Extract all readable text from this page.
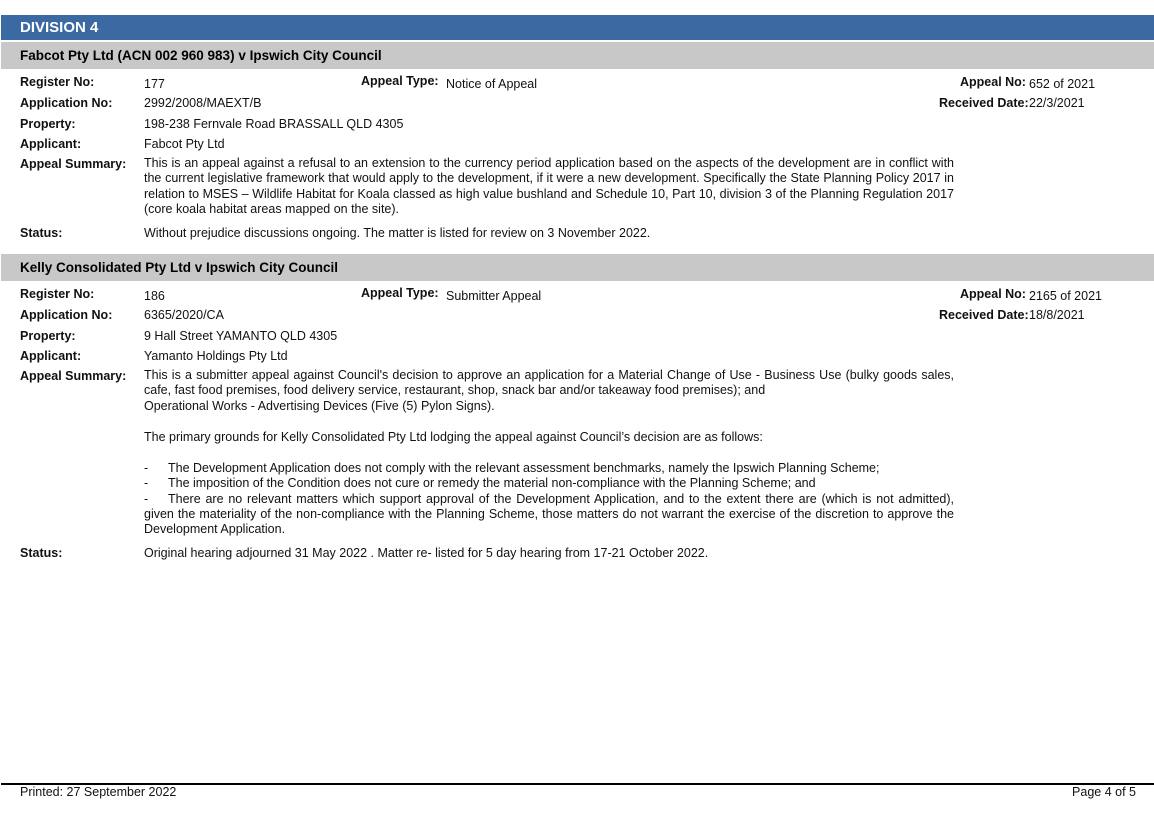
DIVISION 4
Fabcot Pty Ltd (ACN 002 960 983) v Ipswich City Council
Register No:	177	Appeal Type: Notice of Appeal	Appeal No: 652 of 2021
Application No:	2992/2008/MAEXT/B	Received Date: 22/3/2021
Property:	198-238 Fernvale Road BRASSALL QLD 4305
Applicant:	Fabcot Pty Ltd
Appeal Summary: This is an appeal against a refusal to an extension to the currency period application based on the aspects of the development are in conflict with the current legislative framework that would apply to the development, if it were a new development. Specifically the State Planning Policy 2017 in relation to MSES – Wildlife Habitat for Koala classed as high value bushland and Schedule 10, Part 10, division 3 of the Planning Regulation 2017 (core koala habitat areas mapped on the site).
Status:	Without prejudice discussions ongoing. The matter is listed for review on 3 November 2022.
Kelly Consolidated Pty Ltd v Ipswich City Council
Register No:	186	Appeal Type: Submitter Appeal	Appeal No: 2165 of 2021
Application No:	6365/2020/CA	Received Date: 18/8/2021
Property:	9 Hall Street YAMANTO QLD 4305
Applicant:	Yamanto Holdings Pty Ltd
Appeal Summary: This is a submitter appeal against Council's decision to approve an application for a Material Change of Use - Business Use (bulky goods sales, cafe, fast food premises, food delivery service, restaurant, shop, snack bar and/or takeaway food premises); and
Operational Works - Advertising Devices (Five (5) Pylon Signs).
The primary grounds for Kelly Consolidated Pty Ltd lodging the appeal against Council’s decision are as follows:
-	The Development Application does not comply with the relevant assessment benchmarks, namely the Ipswich Planning Scheme;
-	The imposition of the Condition does not cure or remedy the material non-compliance with the Planning Scheme; and
-	There are no relevant matters which support approval of the Development Application, and to the extent there are (which is not admitted),
given the materiality of the non-compliance with the Planning Scheme, those matters do not warrant the exercise of the discretion to approve the Development Application.
Status:	Original hearing adjourned 31 May 2022 . Matter re- listed for 5 day hearing from 17-21 October 2022.
Printed: 27 September 2022	Page 4 of 5
